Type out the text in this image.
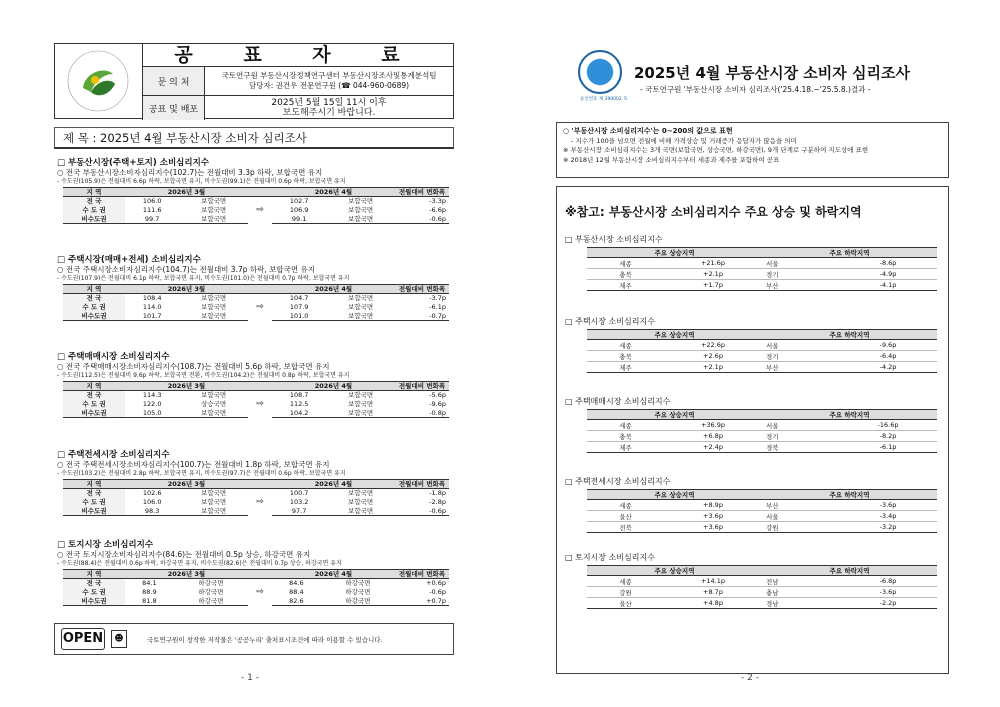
공 표 자 료
문 의 처
국토연구원 부동산시장정책연구센터 부동산시장조사및통계분석팀
담당자: 권건우 전문연구원 (☎ 044-960-0689)
공표 및 배포
2025년 5월 15일 11시 이후
보도해주시기 바랍니다.
제 목 : 2025년 4월 부동산시장 소비자 심리조사
□ 부동산시장(주택+토지) 소비심리지수
○ 전국 부동산시장소비자심리지수(102.7)는 전월대비 3.3p 하락, 보합국면 유지
- 수도권(105.9)은 전월대비 6.6p 하락, 보합국면 유지, 비수도권(99.1)은 전월대비 0.6p 하락, 보합국면 유지
지 역	2026년 3월			2026년 4월		전월대비 변화폭
전 국	106.0	보합국면	⇨	102.7	보합국면	-3.3p
수 도 권	111.6	보합국면		106.9	보합국면	-6.6p
비수도권	99.7	보합국면		99.1	보합국면	-0.6p
□ 주택시장(매매+전세) 소비심리지수
○ 전국 주택시장소비자심리지수(104.7)는 전월대비 3.7p 하락, 보합국면 유지
- 수도권(107.9)은 전월대비 6.1p 하락, 보합국면 유지, 비수도권(101.0)은 전월대비 0.7p 하락, 보합국면 유지
지 역	2026년 3월			2026년 4월		전월대비 변화폭
전 국	108.4	보합국면	⇨	104.7	보합국면	-3.7p
수 도 권	114.0	보합국면		107.9	보합국면	-6.1p
비수도권	101.7	보합국면		101.0	보합국면	-0.7p
□ 주택매매시장 소비심리지수
○ 전국 주택매매시장소비자심리지수(108.7)는 전월대비 5.6p 하락, 보합국면 유지
- 수도권(112.5)은 전월대비 9.6p 하락, 보합국면 전환, 비수도권(104.2)은 전월대비 0.8p 하락, 보합국면 유지
지 역	2026년 3월			2026년 4월		전월대비 변화폭
전 국	114.3	보합국면	⇨	108.7	보합국면	-5.6p
수 도 권	122.0	상승국면		112.5	보합국면	-9.6p
비수도권	105.0	보합국면		104.2	보합국면	-0.8p
□ 주택전세시장 소비심리지수
○ 전국 주택전세시장소비자심리지수(100.7)는 전월대비 1.8p 하락, 보합국면 유지
- 수도권(103.2)은 전월대비 2.8p 하락, 보합국면 유지, 비수도권(97.7)은 전월대비 0.6p 하락, 보합국면 유지
지 역	2026년 3월			2026년 4월		전월대비 변화폭
전 국	102.6	보합국면	⇨	100.7	보합국면	-1.8p
수 도 권	106.0	보합국면		103.2	보합국면	-2.8p
비수도권	98.3	보합국면		97.7	보합국면	-0.6p
□ 토지시장 소비심리지수
○ 전국 토지시장소비자심리지수(84.6)는 전월대비 0.5p 상승, 하강국면 유지
- 수도권(88.4)은 전월대비 0.6p 하락, 하강국면 유지, 비수도권(82.6)은 전월대비 0.7p 상승, 하강국면 유지
지 역	2026년 3월			2026년 4월		전월대비 변화폭
전 국	84.1	하강국면	⇨	84.6	하강국면	+0.6p
수 도 권	88.9	하강국면		88.4	하강국면	-0.6p
비수도권	81.8	하강국면		82.6	하강국면	+0.7p
OPEN	☻	국토연구원이 창작한 저작물은 '공공누리' 출처표시조건에 따라 이용할 수 있습니다.
- 1 -
승인번호 제 390002 호
2025년 4월 부동산시장 소비자 심리조사
- 국토연구원 '부동산시장 소비자 심리조사('25.4.18.~'25.5.8.)결과 -
○ '부동산시장 소비심리지수'는 0~200의 값으로 표현
- 지수가 100을 넘으면 전월에 비해 가격상승 및 거래증가 응답자가 많음을 의미
※ 부동산시장 소비심리지수는 3개 국면(보합국면, 상승국면, 하강국면), 9개 단계로 구분하여 지도상에 표현
※ 2018년 12월 부동산시장 소비심리지수부터 세종과 제주를 포함하여 공표
※참고: 부동산시장 소비심리지수 주요 상승 및 하락지역
□ 부동산시장 소비심리지수
주요 상승지역		주요 하락지역	
세종	+21.6p	서울	-8.6p
충북	+2.1p	경기	-4.9p
제주	+1.7p	부산	-4.1p
□ 주택시장 소비심리지수
주요 상승지역		주요 하락지역	
세종	+22.6p	서울	-9.6p
충북	+2.6p	경기	-6.4p
제주	+2.1p	부산	-4.2p
□ 주택매매시장 소비심리지수
주요 상승지역		주요 하락지역	
세종	+36.9p	서울	-16.6p
충북	+6.8p	경기	-8.2p
제주	+2.4p	경북	-6.1p
□ 주택전세시장 소비심리지수
주요 상승지역		주요 하락지역	
세종	+8.9p	부산	-3.6p
울산	+3.6p	서울	-3.4p
전북	+3.6p	강원	-3.2p
□ 토지시장 소비심리지수
주요 상승지역		주요 하락지역	
세종	+14.1p	전남	-6.8p
강원	+8.7p	충남	-3.6p
울산	+4.8p	경남	-2.2p
- 2 -
